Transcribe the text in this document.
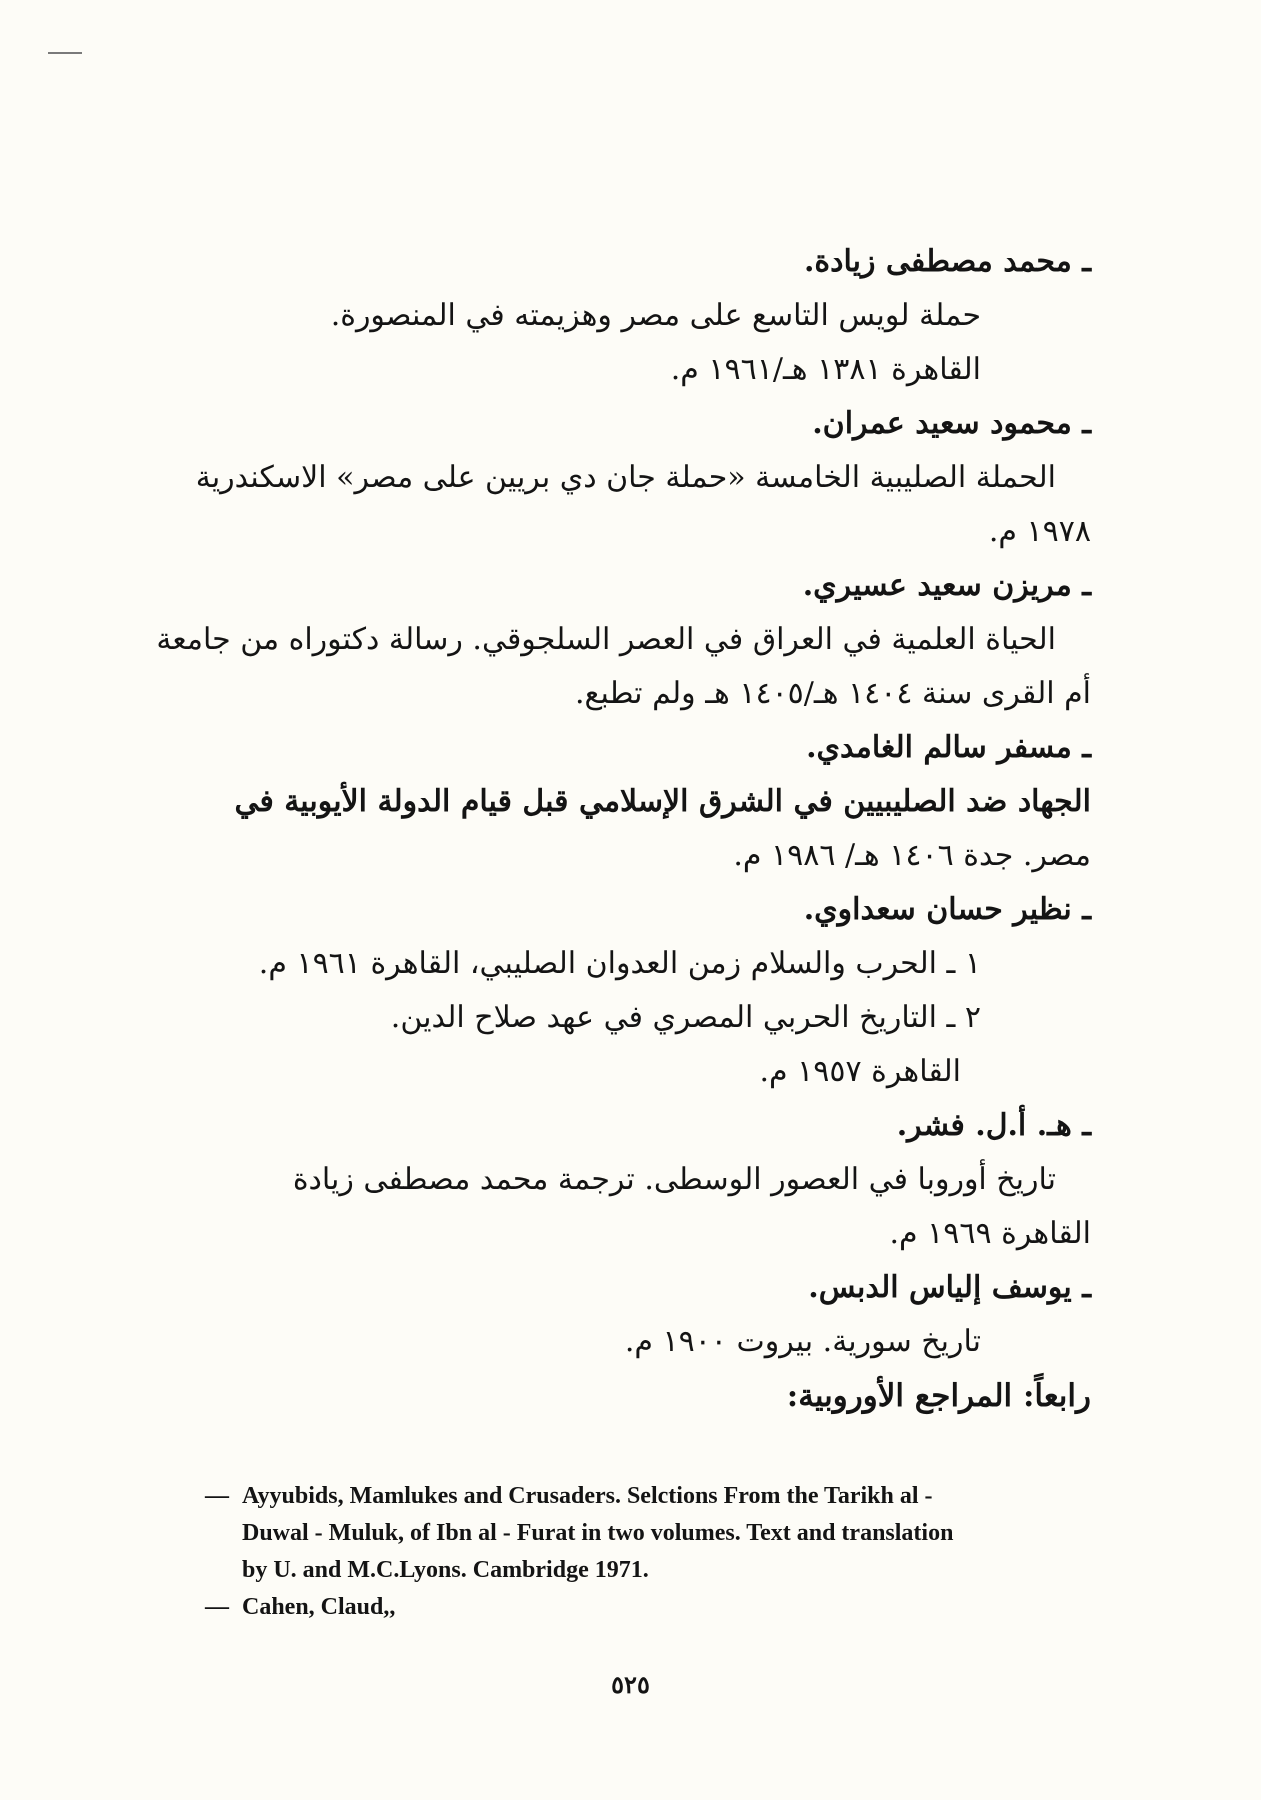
ـ محمد مصطفى زيادة.

حملة لويس التاسع على مصر وهزيمته في المنصورة.

القاهرة ١٣٨١ هـ/١٩٦١ م.

ـ محمود سعيد عمران.

الحملة الصليبية الخامسة «حملة جان دي بريين على مصر» الاسكندرية

١٩٧٨ م.

ـ مريزن سعيد عسيري.

الحياة العلمية في العراق في العصر السلجوقي. رسالة دكتوراه من جامعة

أم القرى سنة ١٤٠٤ هـ/١٤٠٥ هـ ولم تطبع.

ـ مسفر سالم الغامدي.

الجهاد ضد الصليبيين في الشرق الإسلامي قبل قيام الدولة الأيوبية في

مصر. جدة ١٤٠٦ هـ/ ١٩٨٦ م.

ـ نظير حسان سعداوي.

١ ـ الحرب والسلام زمن العدوان الصليبي، القاهرة ١٩٦١ م.

٢ ـ التاريخ الحربي المصري في عهد صلاح الدين.

القاهرة ١٩٥٧ م.

ـ هـ. أ.ل. فشر.

تاريخ أوروبا في العصور الوسطى. ترجمة محمد مصطفى زيادة

القاهرة ١٩٦٩ م.

ـ يوسف إلياس الدبس.

تاريخ سورية. بيروت ١٩٠٠ م.

رابعاً: المراجع الأوروبية:

— Ayyubids, Mamlukes and Crusaders. Selctions From the Tarikh al -
Duwal - Muluk, of Ibn al - Furat in two volumes. Text and translation
by U. and M.C.Lyons. Cambridge 1971.

— Cahen, Claud,,

٥٢٥
